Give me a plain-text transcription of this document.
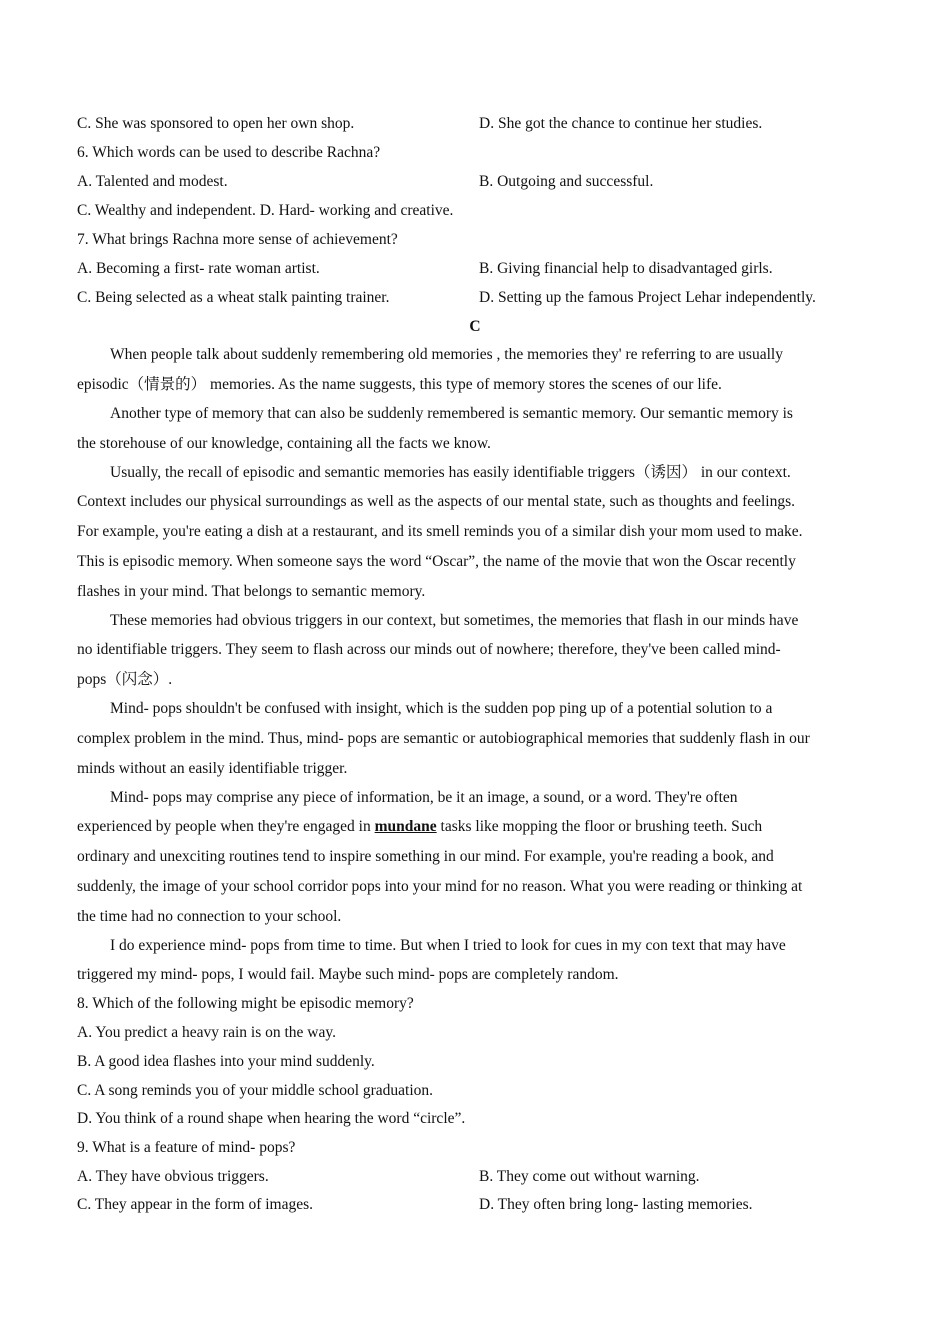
C. She was sponsored to open her own shop.	D. She got the chance to continue her studies.
6. Which words can be used to describe Rachna?
A. Talented and modest.	B. Outgoing and successful.
C. Wealthy and independent. D. Hard- working and creative.
7. What brings Rachna more sense of achievement?
A. Becoming a first- rate woman artist.	B. Giving financial help to disadvantaged girls.
C. Being selected as a wheat stalk painting trainer.	D. Setting up the famous Project Lehar independently.
C
When people talk about suddenly remembering old memories , the memories they' re referring to are usually
episodic（情景的） memories. As the name suggests, this type of memory stores the scenes of our life.
Another type of memory that can also be suddenly remembered is semantic memory. Our semantic memory is
the storehouse of our knowledge, containing all the facts we know.
Usually, the recall of episodic and semantic memories has easily identifiable triggers（诱因） in our context.
Context includes our physical surroundings as well as the aspects of our mental state, such as thoughts and feelings.
For example, you're eating a dish at a restaurant, and its smell reminds you of a similar dish your mom used to make.
This is episodic memory. When someone says the word “Oscar”, the name of the movie that won the Oscar recently
flashes in your mind. That belongs to semantic memory.
These memories had obvious triggers in our context, but sometimes, the memories that flash in our minds have
no identifiable triggers. They seem to flash across our minds out of nowhere; therefore, they've been called mind-
pops（闪念）.
Mind- pops shouldn't be confused with insight, which is the sudden pop ping up of a potential solution to a
complex problem in the mind. Thus, mind- pops are semantic or autobiographical memories that suddenly flash in our
minds without an easily identifiable trigger.
Mind- pops may comprise any piece of information, be it an image, a sound, or a word. They're often
experienced by people when they're engaged in mundane tasks like mopping the floor or brushing teeth. Such
ordinary and unexciting routines tend to inspire something in our mind. For example, you're reading a book, and
suddenly, the image of your school corridor pops into your mind for no reason. What you were reading or thinking at
the time had no connection to your school.
I do experience mind- pops from time to time. But when I tried to look for cues in my con text that may have
triggered my mind- pops, I would fail. Maybe such mind- pops are completely random.
8. Which of the following might be episodic memory?
A. You predict a heavy rain is on the way.
B. A good idea flashes into your mind suddenly.
C. A song reminds you of your middle school graduation.
D. You think of a round shape when hearing the word “circle”.
9. What is a feature of mind- pops?
A. They have obvious triggers.	B. They come out without warning.
C. They appear in the form of images.	D. They often bring long- lasting memories.
